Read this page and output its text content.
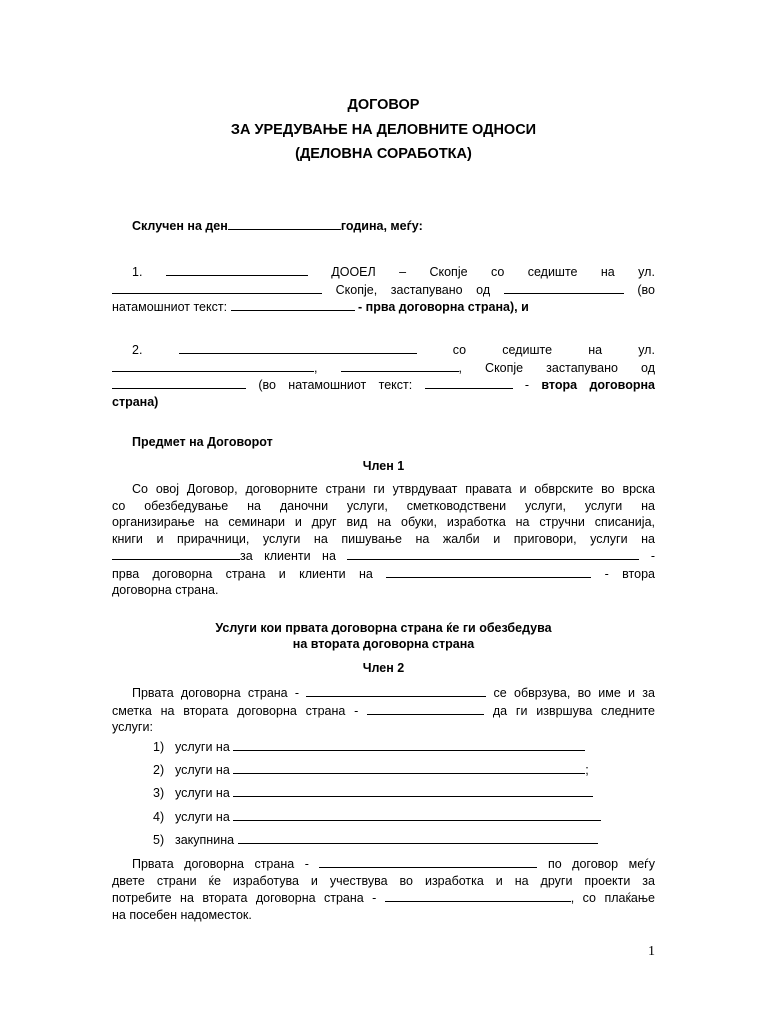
ДОГОВОР
ЗА УРЕДУВАЊЕ НА ДЕЛОВНИТЕ ОДНОСИ
(ДЕЛОВНА СОРАБОТКА)
Склучен на ден	година, меѓу:
1.	ДООЕЛ – Скопје со седиште на ул.
Скопје, застапувано од	(во
натамошниот текст:	- прва договорна страна), и
2.	со	седиште	на	ул.
,	, Скопје застапувано од
(во натамошниот текст:	- втора договорна
страна)
Предмет на Договорот
Член 1
Со овој Договор, договорните страни ги утврдуваат правата и обврските во врска
со обезбедување на даночни услуги, сметководствени услуги, услуги на
организирање на семинари и друг вид на обуки, изработка на стручни списанија,
книги и прирачници, услуги на пишување на жалби и приговори, услуги на
за клиенти на	-
прва договорна страна и клиенти на	- втора
договорна страна.
Услуги кои првата договорна страна ќе ги обезбедува
на втората договорна страна
Член 2
Првата договорна страна -	се обврзува, во име и за
сметка на втората договорна страна -	да ги извршува следните
услуги:
1) услуги на
2) услуги на	;
3) услуги на
4) услуги на
5) закупнина
Првата договорна страна -	по договор меѓу
двете страни ќе изработува и учествува во изработка и на други проекти за
потребите на втората договорна страна -	, со плаќање
на посебен надоместок.
1
